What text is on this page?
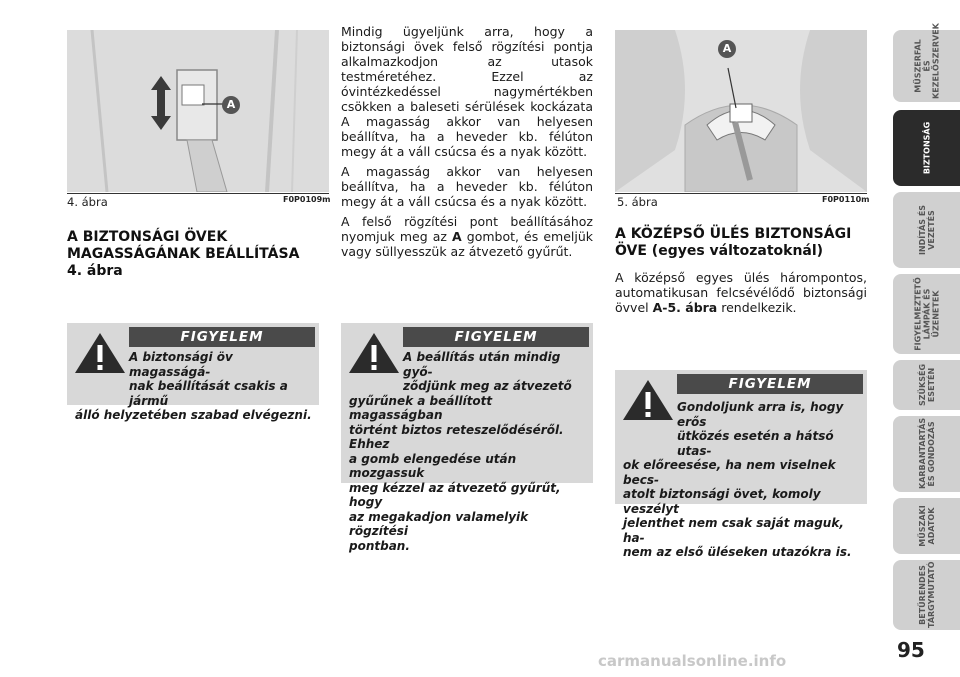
A
4. ábra	F0P0109m
A BIZTONSÁGI ÖVEK
MAGASSÁGÁNAK BEÁLLÍTÁSA
4. ábra
FIGYELEM
A biztonsági öv magasságá-
nak beállítását csakis a jármű
álló helyzetében szabad elvégezni.

Mindig ügyeljünk arra, hogy a biztonsági övek felső rögzítési pontja alkalmazkodjon az utasok testméretéhez. Ezzel az óvintézkedéssel nagymértékben csökken a baleseti sérülések kockázata A magasság akkor van helyesen beállítva, ha a heveder kb. félúton megy át a váll csúcsa és a nyak között.

A magasság akkor van helyesen beállítva, ha a heveder kb. félúton megy át a váll csúcsa és a nyak között.

A felső rögzítési pont beállításához nyomjuk meg az A gombot, és emeljük vagy süllyesszük az átvezető gyűrűt.

FIGYELEM
A beállítás után mindig győ-
ződjünk meg az átvezető
gyűrűnek a beállított magasságban
történt biztos reteszelődéséről. Ehhez
a gomb elengedése után mozgassuk
meg kézzel az átvezető gyűrűt, hogy
az megakadjon valamelyik rögzítési
pontban.
A
5. ábra	F0P0110m
A KÖZÉPSŐ ÜLÉS BIZTONSÁGI
ÖVE (egyes változatoknál)

A középső egyes ülés hárompontos, automatikusan felcsévélődő biztonsági övvel A-5. ábra rendelkezik.

FIGYELEM
Gondoljunk arra is, hogy erős
ütközés esetén a hátsó utas-
ok előreesése, ha nem viselnek becs-
atolt biztonsági övet, komoly veszélyt
jelenthet nem csak saját maguk, ha-
nem az első üléseken utazókra is.
MŰSZERFAL ÉS KEZELŐSZERVEK
BIZTONSÁG
INDÍTÁS ÉS VEZETÉS
FIGYELMEZTETŐ LÁMPÁK ÉS ÜZENETEK
SZÜKSÉG ESETÉN
KARBANTARTÁS ÉS GONDOZÁS
MŰSZAKI ADATOK
BETŰRENDES TÁRGYMUTATÓ
95
carmanualsonline.info
